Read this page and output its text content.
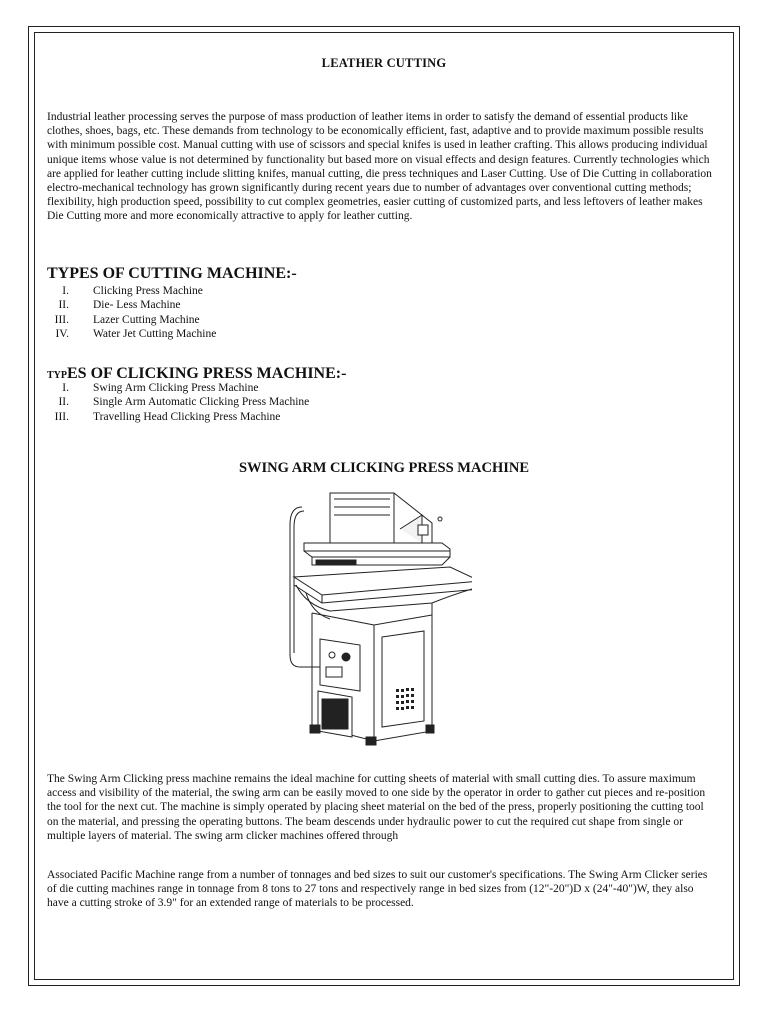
LEATHER CUTTING

Industrial leather processing serves the purpose of mass production of leather items in order to satisfy the demand of essential products like clothes, shoes, bags, etc. These demands from technology to be economically efficient, fast, adaptive and to provide maximum possible results with minimum possible cost. Manual cutting with use of scissors and special knifes is used in leather crafting. This allows producing individual unique items whose value is not determined by functionality but based more on visual effects and design features. Currently technologies which are applied for leather cutting include slitting knifes, manual cutting, die press techniques and Laser Cutting. Use of Die Cutting in collaboration electro-mechanical technology has grown significantly during recent years due to number of advantages over conventional cutting methods; flexibility, high production speed, possibility to cut complex geometries, easier cutting of customized parts, and less leftovers of leather makes Die Cutting more and more economically attractive to apply for leather cutting.

TYPES OF CUTTING MACHINE:-
I. Clicking Press Machine
II. Die- Less Machine
III. Lazer Cutting Machine
IV. Water Jet Cutting Machine
TYPES OF CLICKING PRESS MACHINE:-
I. Swing Arm Clicking Press Machine
II. Single Arm Automatic Clicking Press Machine
III. Travelling Head Clicking Press Machine
SWING ARM CLICKING PRESS MACHINE

The Swing Arm Clicking press machine remains the ideal machine for cutting sheets of material with small cutting dies. To assure maximum access and visibility of the material, the swing arm can be easily moved to one side by the operator in order to gather cut pieces and re-position the tool for the next cut. The machine is simply operated by placing sheet material on the bed of the press, properly positioning the cutting tool on the material, and pressing the operating buttons. The beam descends under hydraulic power to cut the required cut shape from single or multiple layers of material. The swing arm clicker machines offered through

Associated Pacific Machine range from a number of tonnages and bed sizes to suit our customer's specifications. The Swing Arm Clicker series of die cutting machines range in tonnage from 8 tons to 27 tons and respectively range in bed sizes from (12"-20")D x (24"-40")W, they also have a cutting stroke of 3.9" for an extended range of materials to be processed.
